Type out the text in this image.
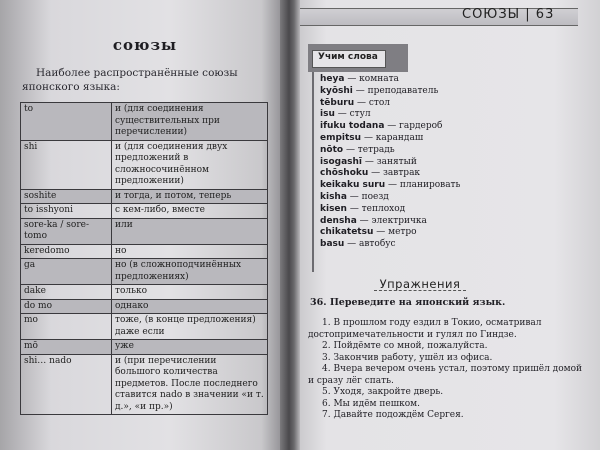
союзы
Наиболее распространённые союзы японского языка:
to	и (для соединения существительных при перечислении)
shi	и (для соединения двух предложений в сложносочинённом предложении)
soshite	и тогда, и потом, теперь
to isshyoni	с кем-либо, вместе
sore-ka / sore-tomo	или
keredomo	но
ga	но (в сложноподчинённых предложениях)
dake	только
do mo	однако
mo	тоже, (в конце предложения) даже если
mō	уже
shi… nado	и (при перечислении большого количества предметов. После последнего ставится nado в значении «и т. д.», «и пр.»)
СОЮЗЫ | 63
Учим слова
heya — комната
kyōshi — преподаватель
tēburu — стол
isu — стул
ifuku todana — гардероб
empitsu — карандаш
nōto — тетрадь
isogashī — занятый
chōshoku — завтрак
keikaku suru — планировать
kisha — поезд
kisen — теплоход
densha — электричка
chikatetsu — метро
basu — автобус
Упражнения
36. Переведите на японский язык.
1. В прошлом году ездил в Токио, осматривал достопримечательности и гулял по Гиндзе.
2. Пойдёмте со мной, пожалуйста.
3. Закончив работу, ушёл из офиса.
4. Вчера вечером очень устал, поэтому пришёл домой и сразу лёг спать.
5. Уходя, закройте дверь.
6. Мы идём пешком.
7. Давайте подождём Сергея.
